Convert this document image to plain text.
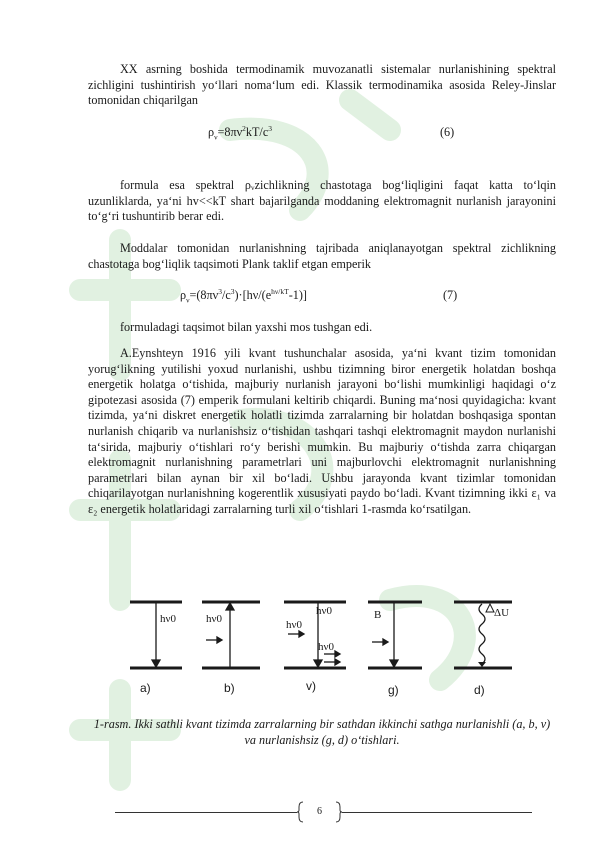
XX asrning boshida termodinamik muvozanatli sistemalar nurlanishining spektral zichligini tushintirish yo‘llari noma‘lum edi. Klassik termodinamika asosida Reley-Jinslar tomonidan chiqarilgan
$\rho_\nu=8\pi\nu^2kT/c^3$	(6)
formula esa spektral ρᵥzichlikning chastotaga bog‘liqligini faqat katta to‘lqin uzunliklarda, ya‘ni hv<<kT shart bajarilganda moddaning elektromagnit nurlanish jarayonini to‘g‘ri tushuntirib berar edi.
Moddalar tomonidan nurlanishning tajribada aniqlanayotgan spektral zichlikning chastotaga bog‘liqlik taqsimoti Plank taklif etgan emperik
$\rho_\nu=(8\pi\nu^3/c^3)\cdot[h\nu/(e^{h\nu/kT}-1)]$	(7)
formuladagi taqsimot bilan yaxshi mos tushgan edi.
A.Eynshteyn 1916 yili kvant tushunchalar asosida, ya‘ni kvant tizim tomonidan yorug‘likning yutilishi yoxud nurlanishi, ushbu tizimning biror energetik holatdan boshqa energetik holatga o‘tishida, majburiy nurlanish jarayoni bo‘lishi mumkinligi haqidagi o‘z gipotezasi asosida (7) emperik formulani keltirib chiqardi. Buning ma‘nosi quyidagicha: kvant tizimda, ya‘ni diskret energetik holatli tizimda zarralarning bir holatdan boshqasiga spontan nurlanish chiqarib va nurlanishsiz o‘tishidan tashqari tashqi elektromagnit maydon nurlanishi ta‘sirida, majburiy o‘tishlari ro‘y berishi mumkin. Bu majburiy o‘tishda zarra chiqargan elektromagnit nurlanishning parametrlari uni majburlovchi elektromagnit nurlanishning parametrlari bilan aynan bir xil bo‘ladi. Ushbu jarayonda kvant tizimlar tomonidan chiqarilayotgan nurlanishning kogerentlik xususiyati paydo bo‘ladi. Kvant tizimning ikki ε₁ va ε₂ energetik holatlaridagi zarralarning turli xil o‘tishlari 1-rasmda ko‘rsatilgan.
hν0	hν0	hν0
hν0
hν0
B	ΔU
a)	b)	v)	g)	d)
1-rasm. Ikki sathli kvant tizimda zarralarning bir sathdan ikkinchi sathga nurlanishli (a, b, v) va nurlanishsiz (g, d) o‘tishlari.
6
